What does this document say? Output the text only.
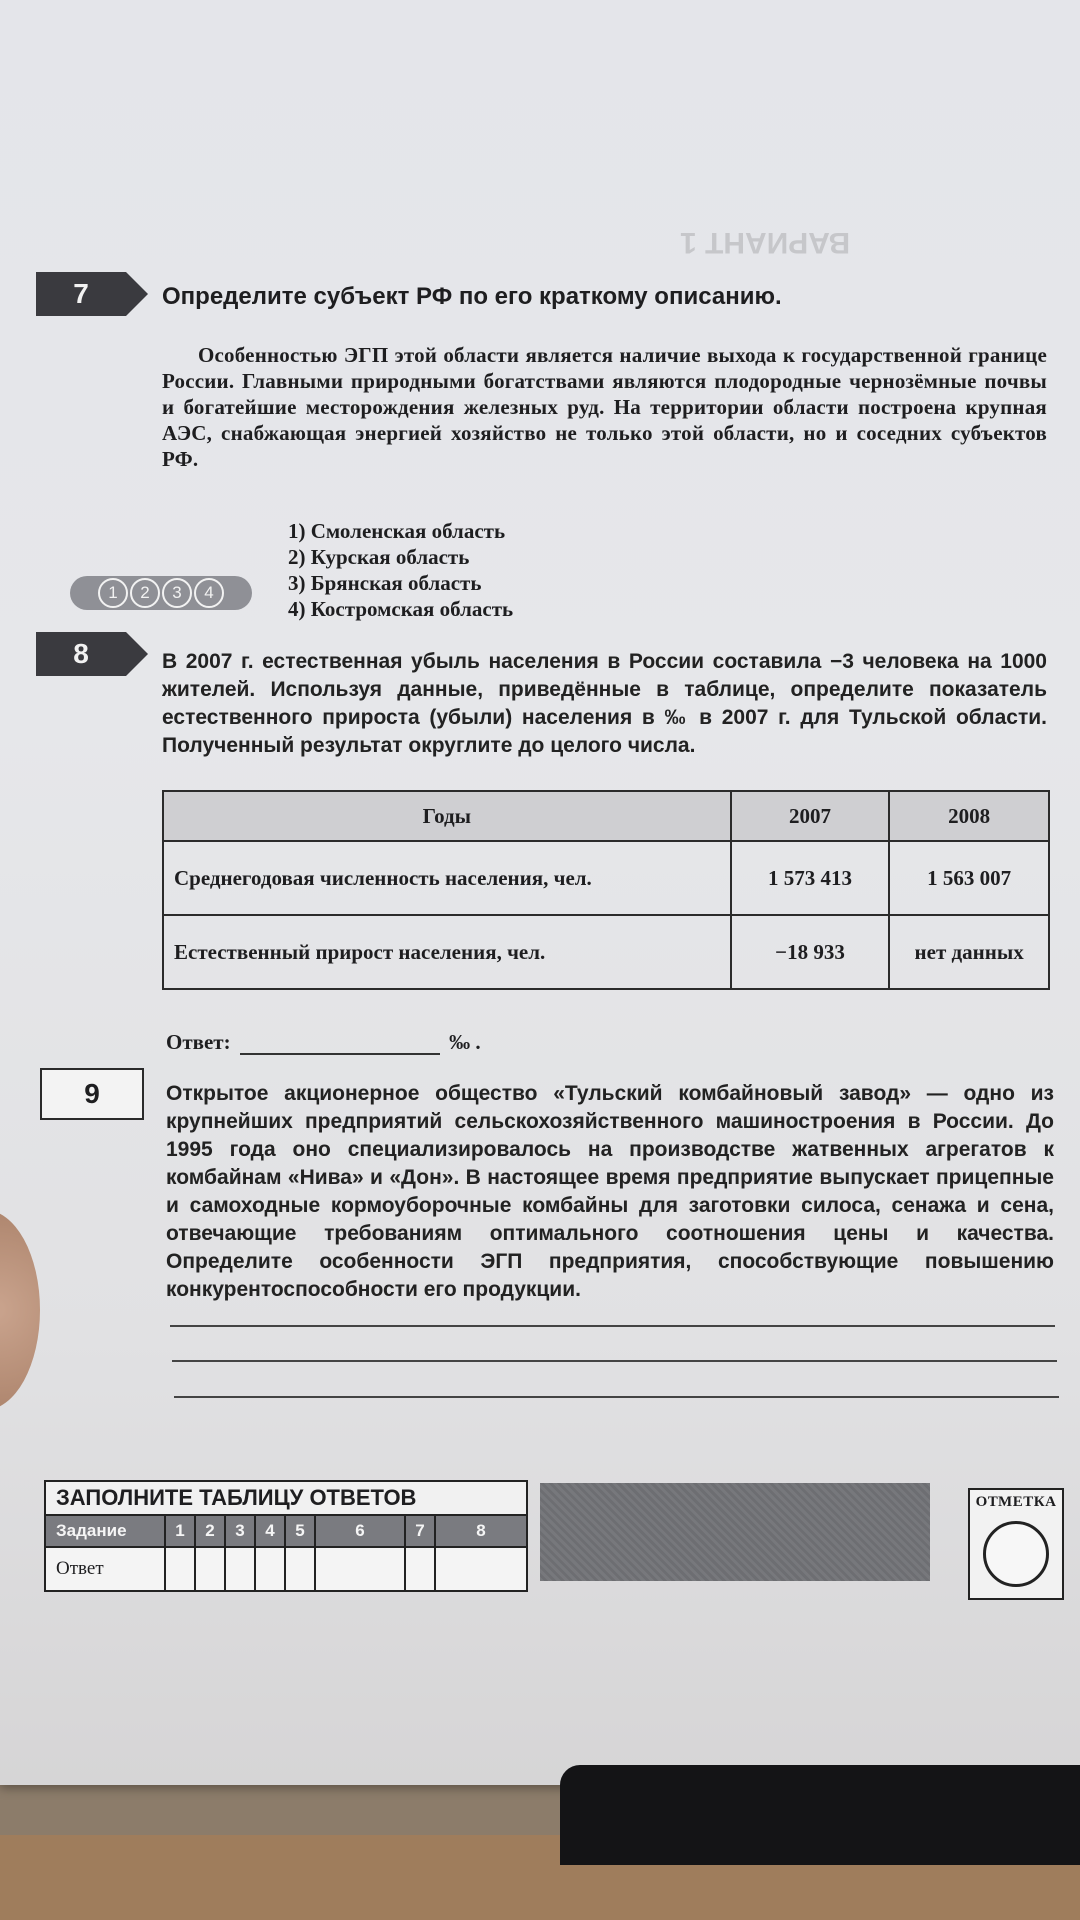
ВАРИАНТ 1
7	Определите субъект РФ по его краткому описанию.
Особенностью ЭГП этой области является наличие выхода к государственной границе России. Главными природными богатствами являются плодородные чернозёмные почвы и богатейшие месторождения железных руд. На территории области построена крупная АЭС, снабжающая энергией хозяйство не только этой области, но и соседних субъектов РФ.
1	2	3	4
1) Смоленская область
2) Курская область
3) Брянская область
4) Костромская область
8	В 2007 г. естественная убыль населения в России составила −3 человека на 1000 жителей. Используя данные, приведённые в таблице, определите показатель естественного прироста (убыли) населения в ‰ в 2007 г. для Тульской области. Полученный результат округлите до целого числа.
Годы	2007	2008
Среднегодовая численность населения, чел.	1 573 413	1 563 007
Естественный прирост населения, чел.	−18 933	нет данных
Ответ:	‰ .
9	Открытое акционерное общество «Тульский комбайновый завод» — одно из крупнейших предприятий сельскохозяйственного машиностроения в России. До 1995 года оно специализировалось на производстве жатвенных агрегатов к комбайнам «Нива» и «Дон». В настоящее время предприятие выпускает прицепные и самоходные кормоуборочные комбайны для заготовки силоса, сенажа и сена, отвечающие требованиям оптимального соотношения цены и качества. Определите особенности ЭГП предприятия, способствующие повышению конкурентоспособности его продукции.
ЗАПОЛНИТЕ ТАБЛИЦУ ОТВЕТОВ
Задание	1	2	3	4	5	6	7	8
Ответ
ОТМЕТКА
